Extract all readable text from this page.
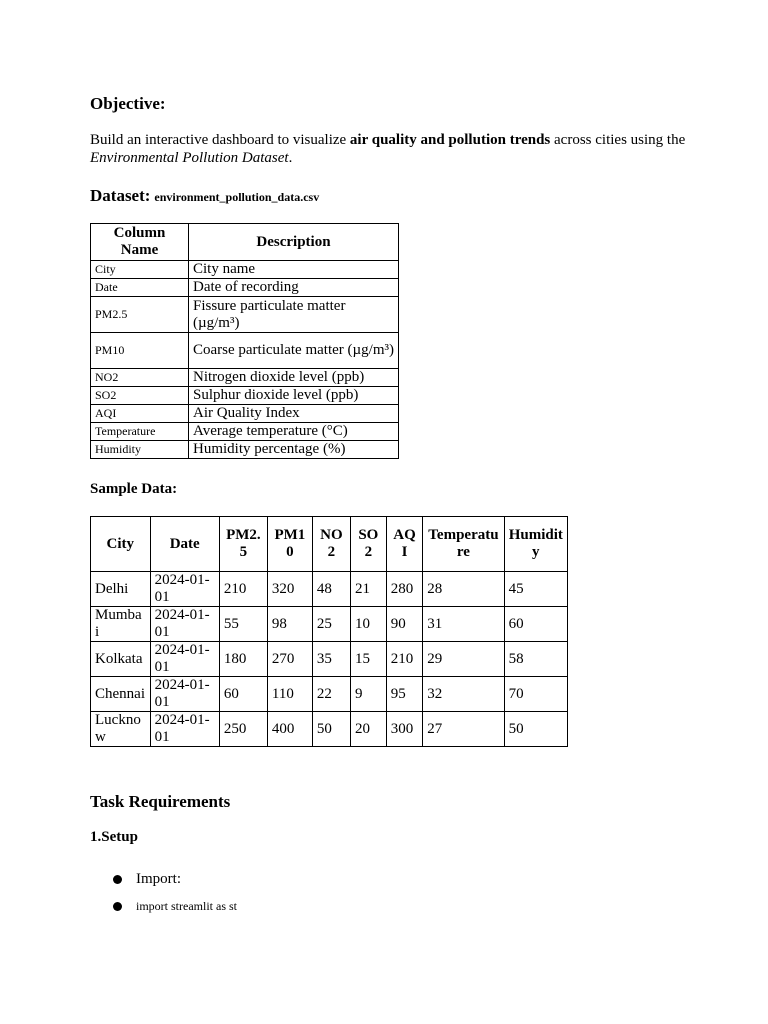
Objective:
Build an interactive dashboard to visualize air quality and pollution trends across cities using the Environmental Pollution Dataset.
Dataset: environment_pollution_data.csv
Column Name	Description
City	City name
Date	Date of recording
PM2.5	Fissure particulate matter (µg/m³)
PM10	Coarse particulate matter (µg/m³)
NO2	Nitrogen dioxide level (ppb)
SO2	Sulphur dioxide level (ppb)
AQI	Air Quality Index
Temperature	Average temperature (°C)
Humidity	Humidity percentage (%)
Sample Data:
City	Date	PM2.5	PM10	NO2	SO2	AQI	Temperature	Humidity
Delhi	2024-01-01	210	320	48	21	280	28	45
Mumbai	2024-01-01	55	98	25	10	90	31	60
Kolkata	2024-01-01	180	270	35	15	210	29	58
Chennai	2024-01-01	60	110	22	9	95	32	70
Lucknow	2024-01-01	250	400	50	20	300	27	50
Task Requirements
1.Setup
Import:
import streamlit as st
